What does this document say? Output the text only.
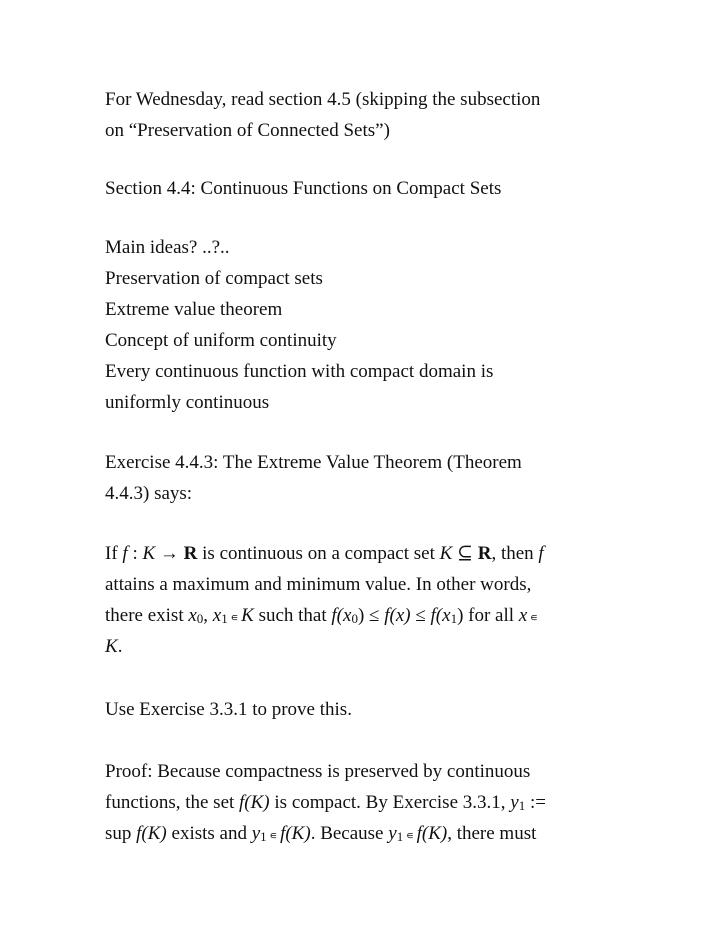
For Wednesday, read section 4.5 (skipping the subsection
on “Preservation of Connected Sets”)
Section 4.4: Continuous Functions on Compact Sets
Main ideas? ..?..
Preservation of compact sets
Extreme value theorem
Concept of uniform continuity
Every continuous function with compact domain is
uniformly continuous
Exercise 4.4.3: The Extreme Value Theorem (Theorem
4.4.3) says:
If f : K → R is continuous on a compact set K ⊆ R, then f
attains a maximum and minimum value. In other words,
there exist x0, x1 ∊ K such that f(x0) ≤ f(x) ≤ f(x1) for all x ∊
K.
Use Exercise 3.3.1 to prove this.
Proof: Because compactness is preserved by continuous
functions, the set f(K) is compact. By Exercise 3.3.1, y1 :=
sup f(K) exists and y1 ∊ f(K). Because y1 ∊ f(K), there must
